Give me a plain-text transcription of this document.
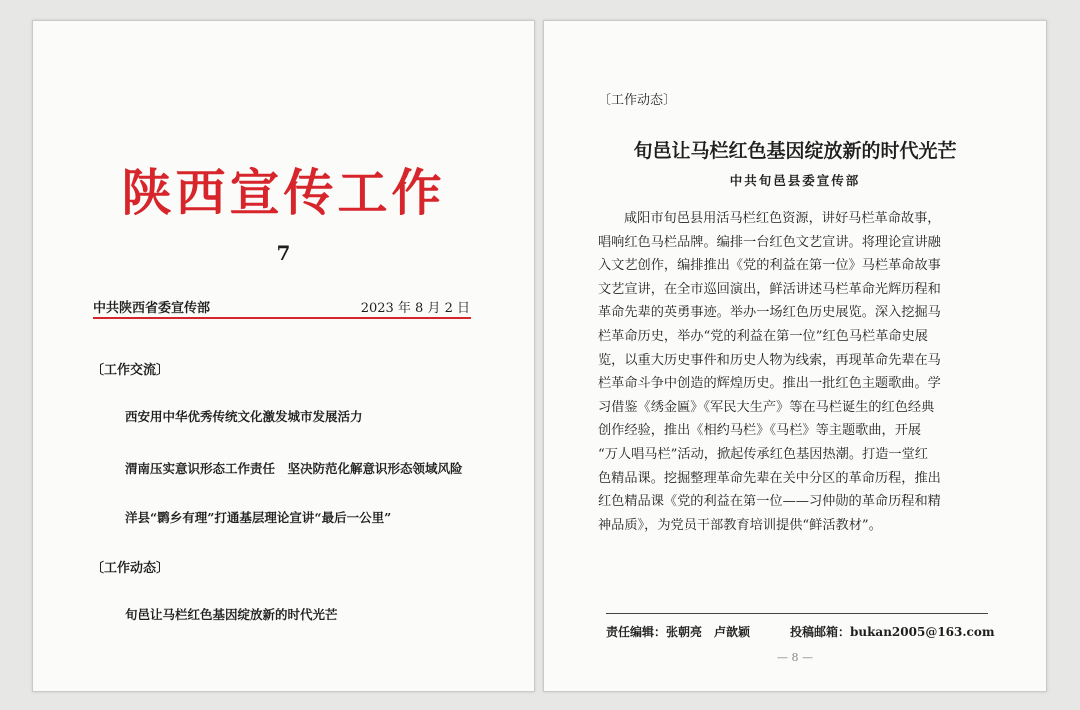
陕西宣传工作
7
中共陕西省委宣传部	2023 年 8 月 2 日
〔工作交流〕
西安用中华优秀传统文化激发城市发展活力
渭南压实意识形态工作责任　坚决防范化解意识形态领域风险
洋县“鹮乡有理”打通基层理论宣讲“最后一公里”
〔工作动态〕
旬邑让马栏红色基因绽放新的时代光芒
〔工作动态〕
旬邑让马栏红色基因绽放新的时代光芒
中共旬邑县委宣传部
咸阳市旬邑县用活马栏红色资源，讲好马栏革命故事，
唱响红色马栏品牌。编排一台红色文艺宣讲。将理论宣讲融
入文艺创作，编排推出《党的利益在第一位》马栏革命故事
文艺宣讲，在全市巡回演出，鲜活讲述马栏革命光辉历程和
革命先辈的英勇事迹。举办一场红色历史展览。深入挖掘马
栏革命历史，举办“党的利益在第一位”红色马栏革命史展
览，以重大历史事件和历史人物为线索，再现革命先辈在马
栏革命斗争中创造的辉煌历史。推出一批红色主题歌曲。学
习借鉴《绣金匾》《军民大生产》等在马栏诞生的红色经典
创作经验，推出《相约马栏》《马栏》等主题歌曲，开展
“万人唱马栏”活动，掀起传承红色基因热潮。打造一堂红
色精品课。挖掘整理革命先辈在关中分区的革命历程，推出
红色精品课《党的利益在第一位——习仲勋的革命历程和精
神品质》，为党员干部教育培训提供“鲜活教材”。
责任编辑：张朝亮　卢歆颖	投稿邮箱：bukan2005@163.com
— 8 —
